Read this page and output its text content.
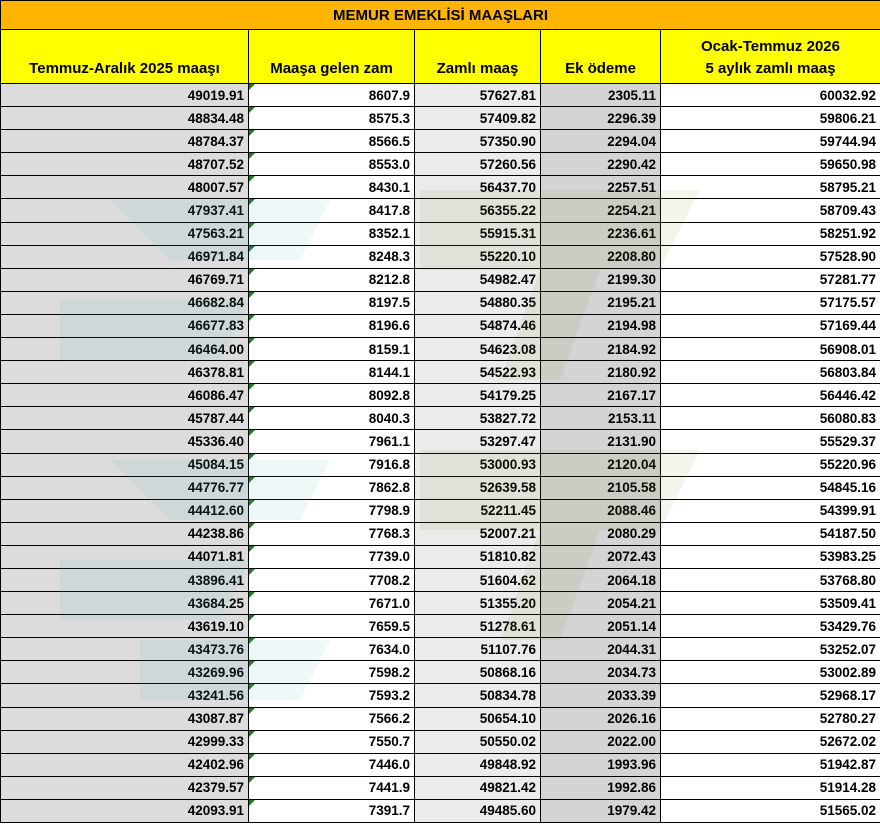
MEMUR EMEKLİSİ MAAŞLARI				
Temmuz-Aralık 2025 maaşı	Maaşa gelen zam	Zamlı maaş	Ek ödeme	Ocak-Temmuz 2026
5 aylık zamlı maaş

49019.91	8607.9	57627.81	2305.11	60032.92
48834.48	8575.3	57409.82	2296.39	59806.21
48784.37	8566.5	57350.90	2294.04	59744.94
48707.52	8553.0	57260.56	2290.42	59650.98
48007.57	8430.1	56437.70	2257.51	58795.21
47937.41	8417.8	56355.22	2254.21	58709.43
47563.21	8352.1	55915.31	2236.61	58251.92
46971.84	8248.3	55220.10	2208.80	57528.90
46769.71	8212.8	54982.47	2199.30	57281.77
46682.84	8197.5	54880.35	2195.21	57175.57
46677.83	8196.6	54874.46	2194.98	57169.44
46464.00	8159.1	54623.08	2184.92	56908.01
46378.81	8144.1	54522.93	2180.92	56803.84
46086.47	8092.8	54179.25	2167.17	56446.42
45787.44	8040.3	53827.72	2153.11	56080.83
45336.40	7961.1	53297.47	2131.90	55529.37
45084.15	7916.8	53000.93	2120.04	55220.96
44776.77	7862.8	52639.58	2105.58	54845.16
44412.60	7798.9	52211.45	2088.46	54399.91
44238.86	7768.3	52007.21	2080.29	54187.50
44071.81	7739.0	51810.82	2072.43	53983.25
43896.41	7708.2	51604.62	2064.18	53768.80
43684.25	7671.0	51355.20	2054.21	53509.41
43619.10	7659.5	51278.61	2051.14	53429.76
43473.76	7634.0	51107.76	2044.31	53252.07
43269.96	7598.2	50868.16	2034.73	53002.89
43241.56	7593.2	50834.78	2033.39	52968.17
43087.87	7566.2	50654.10	2026.16	52780.27
42999.33	7550.7	50550.02	2022.00	52672.02
42402.96	7446.0	49848.92	1993.96	51942.87
42379.57	7441.9	49821.42	1992.86	51914.28
42093.91	7391.7	49485.60	1979.42	51565.02
